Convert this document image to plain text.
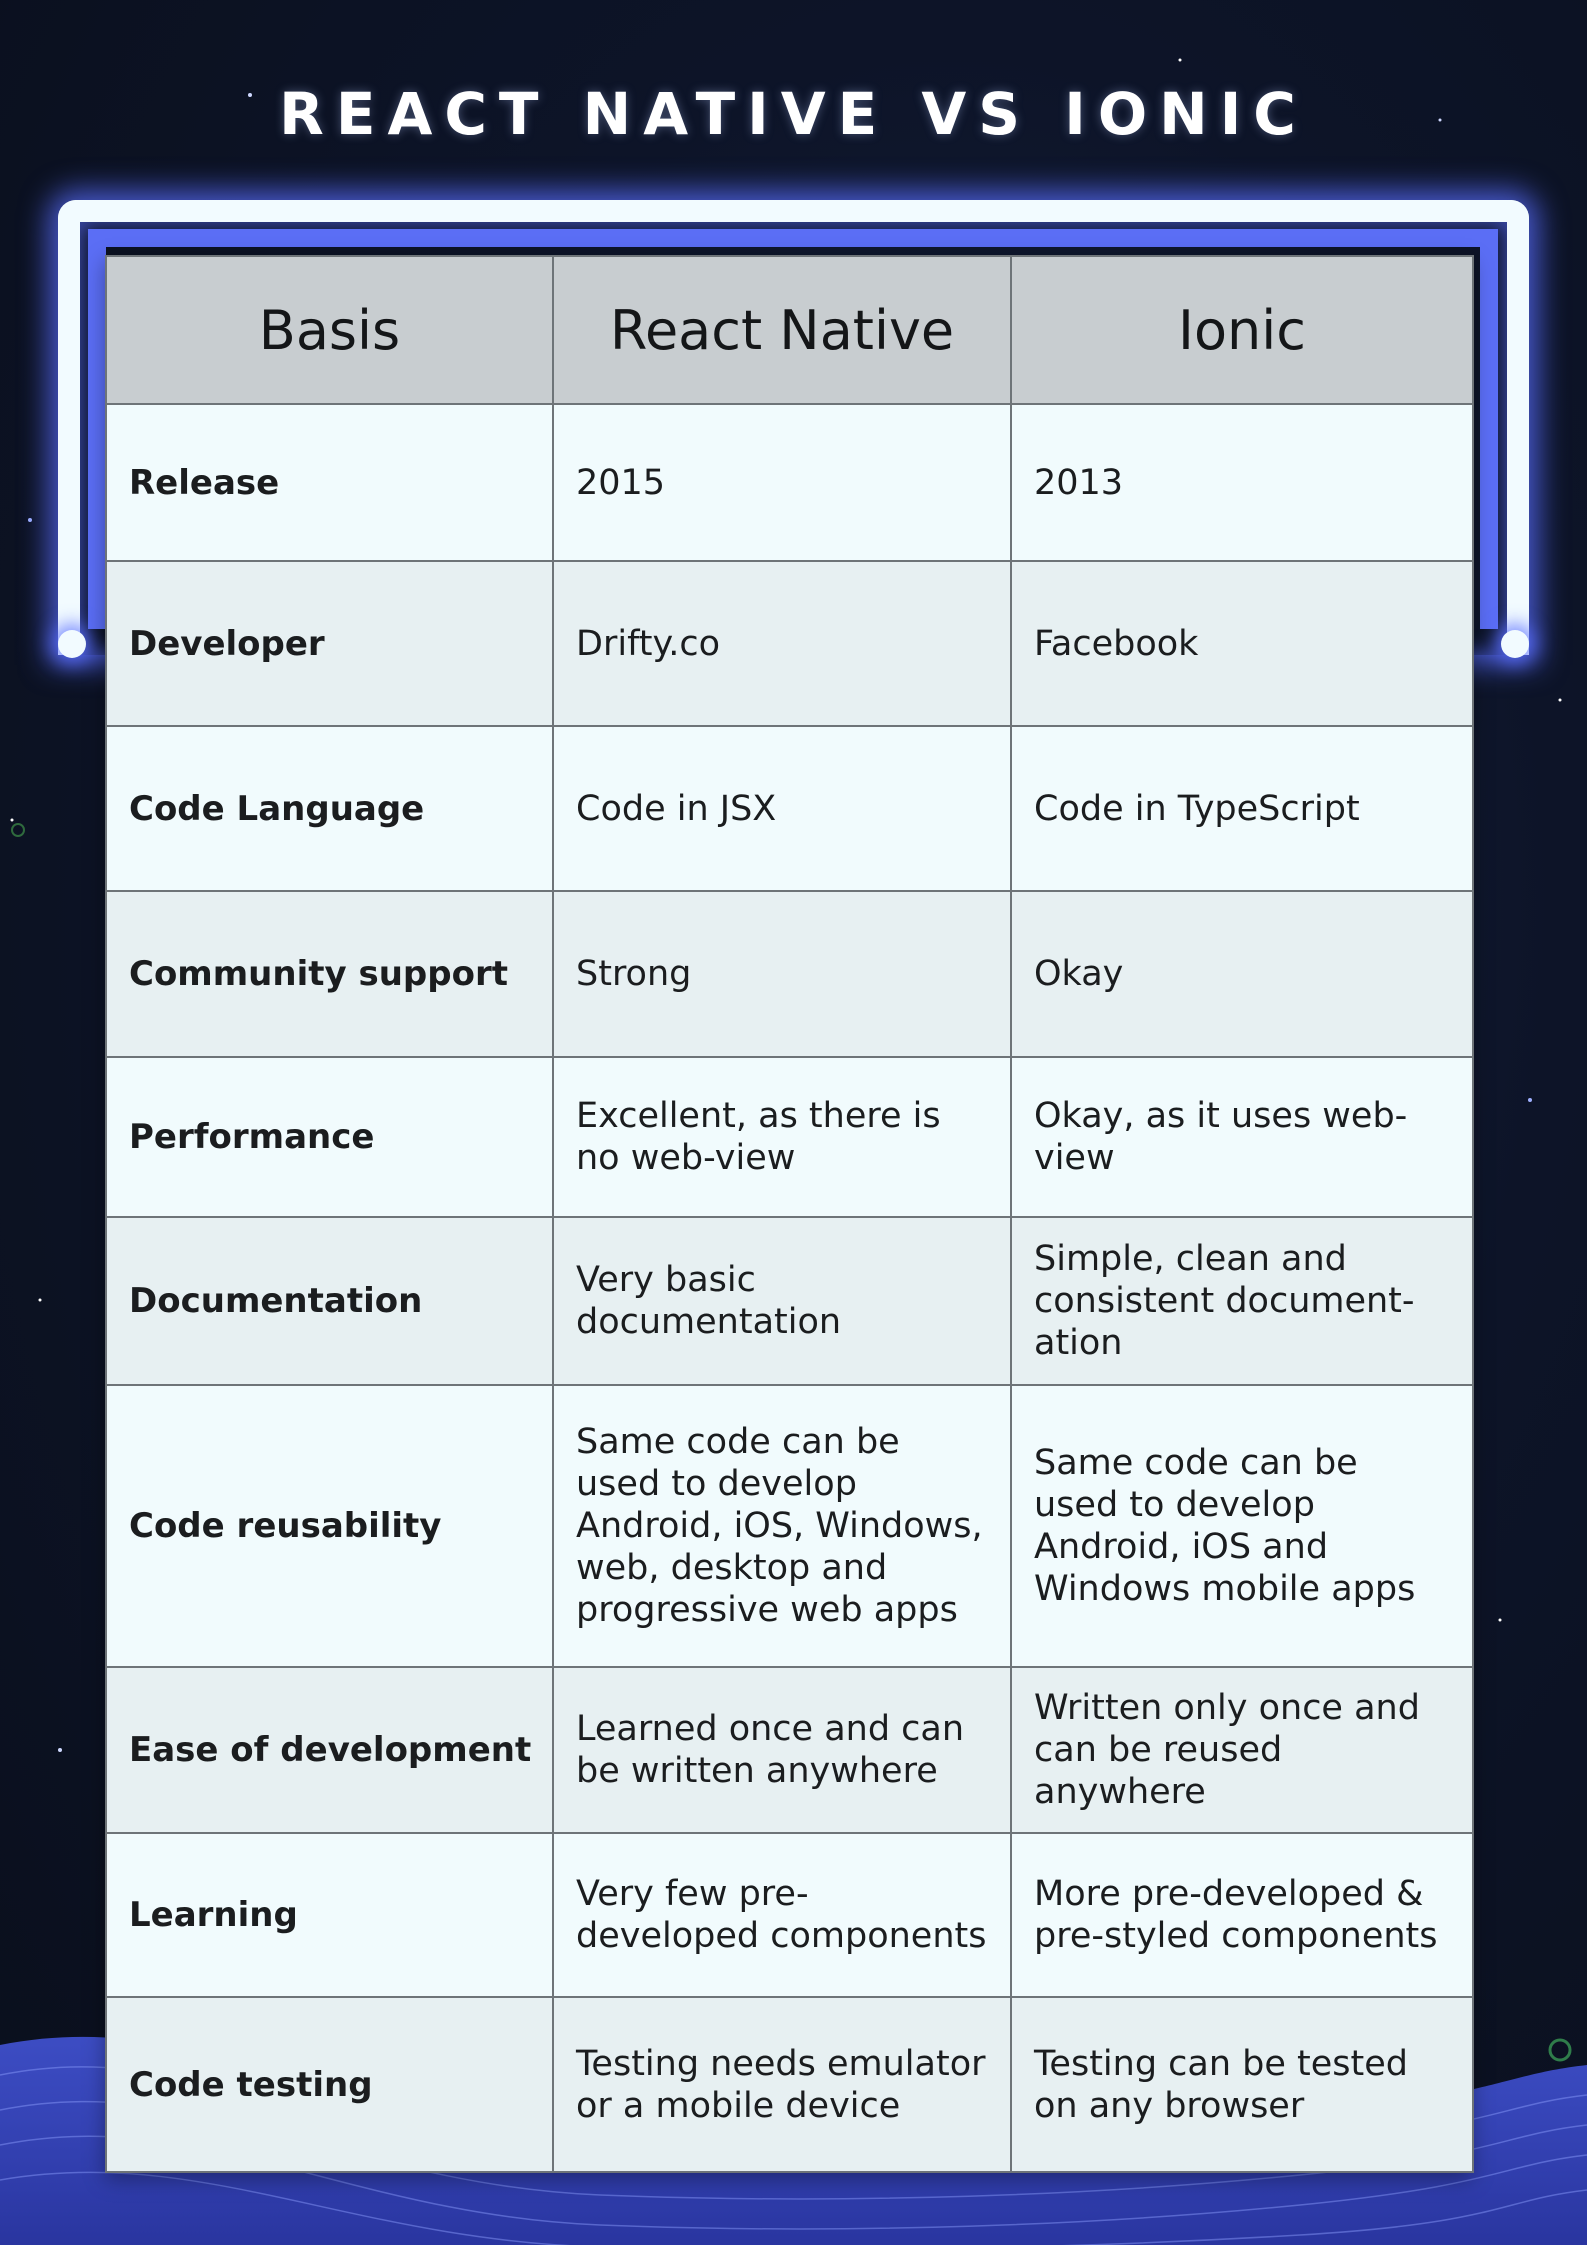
REACT NATIVE VS IONIC
Basis	React Native	Ionic
Release	2015	2013
Developer	Drifty.co	Facebook
Code Language	Code in JSX	Code in TypeScript
Community support	Strong	Okay
Performance	Excellent, as there is no web-view	Okay, as it uses web-view
Documentation	Very basic documentation	Simple, clean and consistent document-ation
Code reusability	Same code can be used to develop Android, iOS, Windows, web, desktop and progressive web apps	Same code can be used to develop Android, iOS and Windows mobile apps
Ease of development	Learned once and can be written anywhere	Written only once and can be reused anywhere
Learning	Very few pre-developed components	More pre-developed & pre-styled components
Code testing	Testing needs emulator or a mobile device	Testing can be tested on any browser
